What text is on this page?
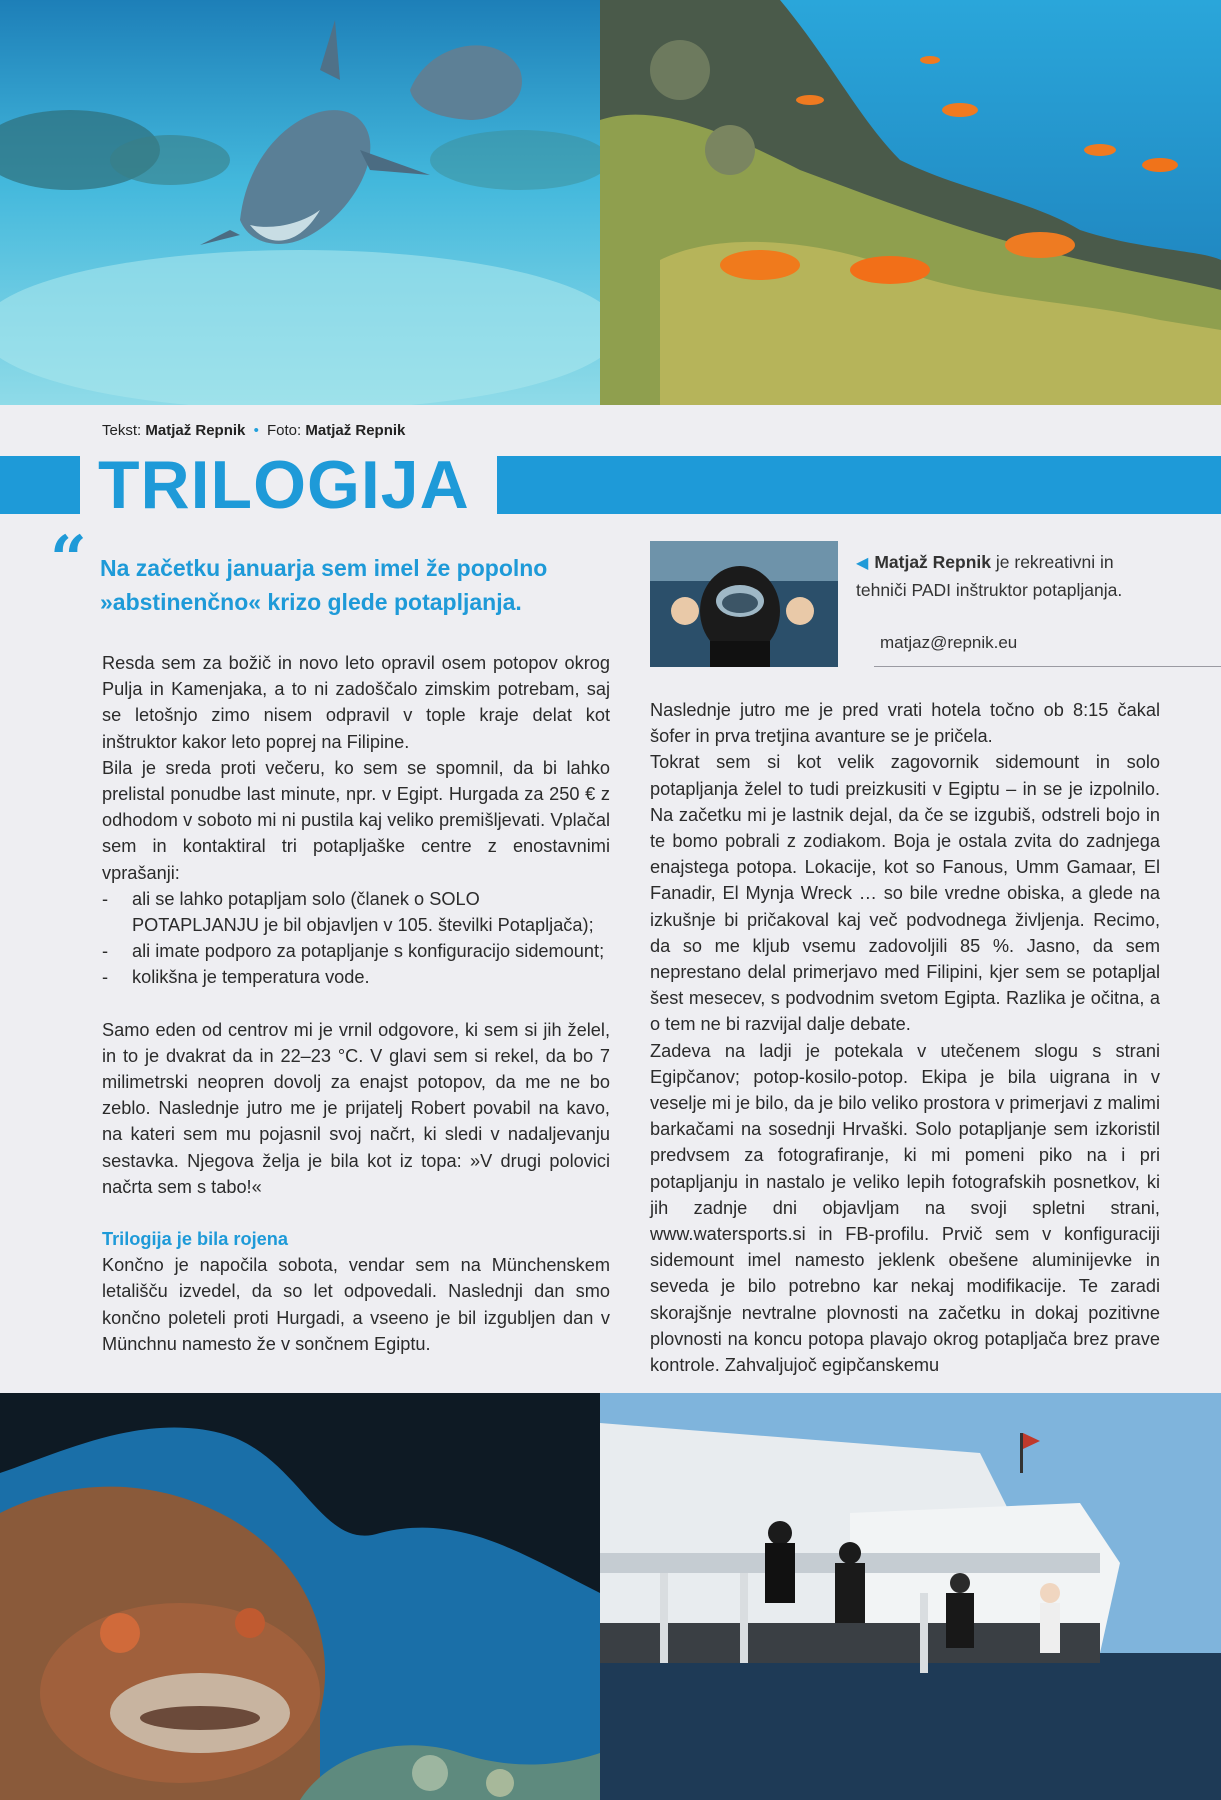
Tekst: Matjaž Repnik • Foto: Matjaž Repnik
TRILOGIJA
“ Na začetku januarja sem imel že popolno »abstinenčno« krizo glede potapljanja.

Resda sem za božič in novo leto opravil osem potopov okrog Pulja in Kamenjaka, a to ni zadoščalo zimskim potrebam, saj se letošnjo zimo nisem odpravil v tople kraje delat kot inštruktor kakor leto poprej na Filipine.

Bila je sreda proti večeru, ko sem se spomnil, da bi lahko prelistal ponudbe last minute, npr. v Egipt. Hurgada za 250 € z odhodom v soboto mi ni pustila kaj veliko premišljevati. Vplačal sem in kontaktiral tri potapljaške centre z enostavnimi vprašanji:

- ali se lahko potapljam solo (članek o SOLO POTAPLJANJU je bil objavljen v 105. številki Potapljača);
- ali imate podporo za potapljanje s konfiguracijo sidemount;
- kolikšna je temperatura vode.

Samo eden od centrov mi je vrnil odgovore, ki sem si jih želel, in to je dvakrat da in 22–23 °C. V glavi sem si rekel, da bo 7 milimetrski neopren dovolj za enajst potopov, da me ne bo zeblo. Naslednje jutro me je prijatelj Robert povabil na kavo, na kateri sem mu pojasnil svoj načrt, ki sledi v nadaljevanju sestavka. Njegova želja je bila kot iz topa: »V drugi polovici načrta sem s tabo!«

Trilogija je bila rojena

Končno je napočila sobota, vendar sem na Münchenskem letališču izvedel, da so let odpovedali. Naslednji dan smo končno poleteli proti Hurgadi, a vseeno je bil izgubljen dan v Münchnu namesto že v sončnem Egiptu.

◀ Matjaž Repnik je rekreativni in tehniči PADI inštruktor potapljanja.
matjaz@repnik.eu

Naslednje jutro me je pred vrati hotela točno ob 8:15 čakal šofer in prva tretjina avanture se je pričela.

Tokrat sem si kot velik zagovornik sidemount in solo potapljanja želel to tudi preizkusiti v Egiptu – in se je izpolnilo. Na začetku mi je lastnik dejal, da če se izgubiš, odstreli bojo in te bomo pobrali z zodiakom. Boja je ostala zvita do zadnjega enajstega potopa. Lokacije, kot so Fanous, Umm Gamaar, El Fanadir, El Mynja Wreck … so bile vredne obiska, a glede na izkušnje bi pričakoval kaj več podvodnega življenja. Recimo, da so me kljub vsemu zadovoljili 85 %. Jasno, da sem neprestano delal primerjavo med Filipini, kjer sem se potapljal šest mesecev, s podvodnim svetom Egipta. Razlika je očitna, a o tem ne bi razvijal dalje debate.

Zadeva na ladji je potekala v utečenem slogu s strani Egipčanov; potop-kosilo-potop. Ekipa je bila uigrana in v veselje mi je bilo, da je bilo veliko prostora v primerjavi z malimi barkačami na sosednji Hrvaški. Solo potapljanje sem izkoristil predvsem za fotografiranje, ki mi pomeni piko na i pri potapljanju in nastalo je veliko lepih fotografskih posnetkov, ki jih zadnje dni objavljam na svoji spletni strani, www.watersports.si in FB-profilu. Prvič sem v konfiguraciji sidemount imel namesto jeklenk obešene aluminijevke in seveda je bilo potrebno kar nekaj modifikacije. Te zaradi skorajšnje nevtralne plovnosti na začetku in dokaj pozitivne plovnosti na koncu potopa plavajo okrog potapljača brez prave kontrole. Zahvaljujoč egipčanskemu
